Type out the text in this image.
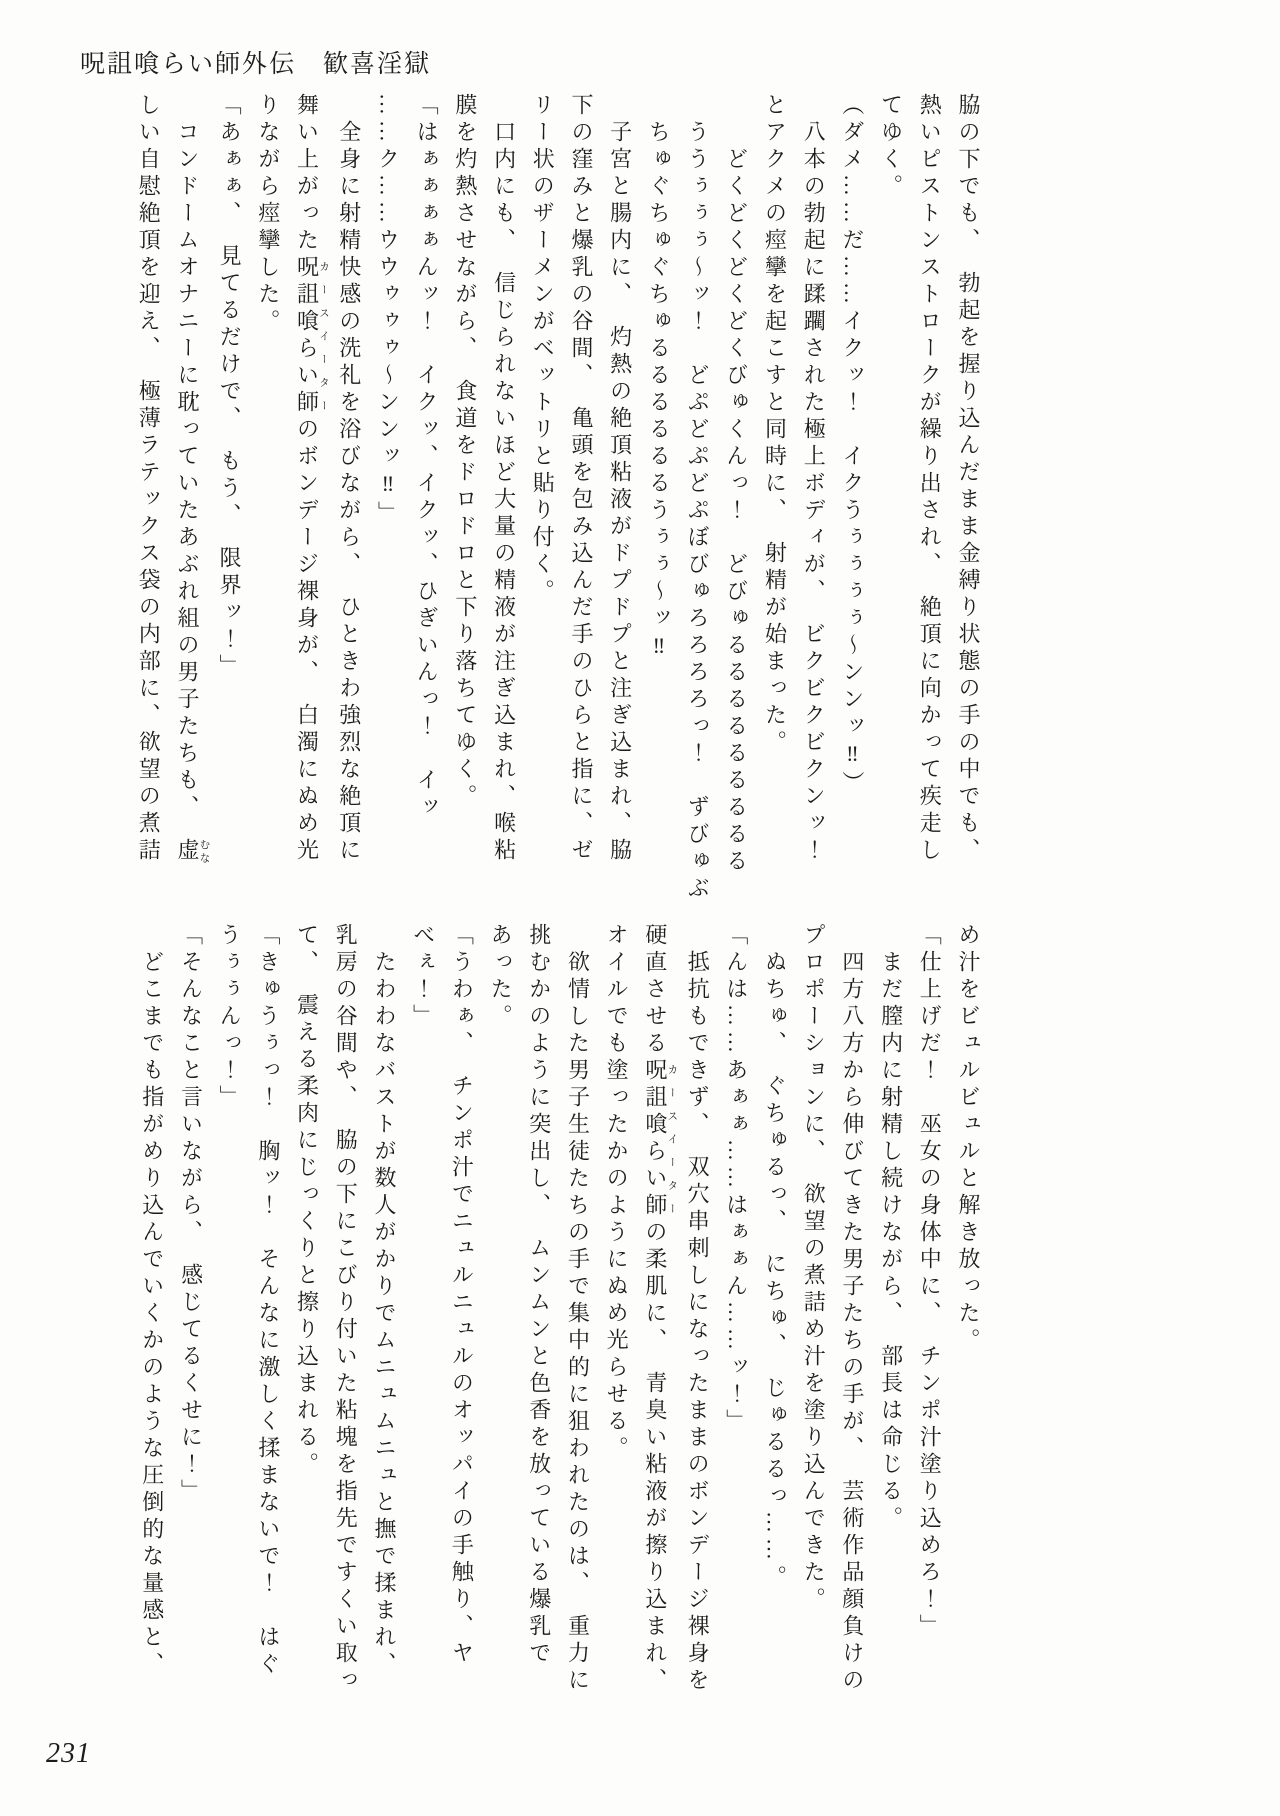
呪詛喰らい師外伝　歓喜淫獄

脇の下でも、　勃起を握り込んだまま金縛り状態の手の中でも、

熱いピストンストロークが繰り出され、　絶頂に向かって疾走し

てゆく。

（ダメ……だ……イクッ！　イクうぅぅぅぅ～ンンッ‼）

　八本の勃起に蹂躙された極上ボディが、　ビクビクビクンッ！

とアクメの痙攣を起こすと同時に、　射精が始まった。

　　どくどくどくどくびゅくんっ！　どびゅるるるるるるるるる

　ううぅぅぅ～ッ！　どぷどぷどぷぼびゅろろろろっ！　ずびゅぶ

　ちゅぐちゅぐちゅるるるるるるうぅぅ～ッ‼

　子宮と腸内に、　灼熱の絶頂粘液がドプドプと注ぎ込まれ、脇

下の窪みと爆乳の谷間、　亀頭を包み込んだ手のひらと指に、ゼ

リー状のザーメンがベットリと貼り付く。

　口内にも、　信じられないほど大量の精液が注ぎ込まれ、喉粘

膜を灼熱させながら、　食道をドロドロと下り落ちてゆく。

「はぁぁぁぁんッ！　イクッ、イクッ、ひぎいんっ！　イッ

……ク……ウウゥゥゥ～ンンッ‼」

　全身に射精快感の洗礼を浴びながら、　ひときわ強烈な絶頂に

舞い上がった呪詛喰らい師カースイーターのボンデージ裸身が、　白濁にぬめ光

りながら痙攣した。

「あぁぁ、　見てるだけで、　もう、　限界ッ！」

　コンドームオナニーに耽っていたあぶれ組の男子たちも、　虚むな

しい自慰絶頂を迎え、　極薄ラテックス袋の内部に、欲望の煮詰

め汁をビュルビュルと解き放った。

「仕上げだ！　巫女の身体中に、　チンポ汁塗り込めろ！」

　まだ膣内に射精し続けながら、　部長は命じる。

　四方八方から伸びてきた男子たちの手が、　芸術作品顔負けの

プロポーションに、　欲望の煮詰め汁を塗り込んできた。

　ぬちゅ、　ぐちゅるっ、　にちゅ、　じゅるるっ……。

「んは……あぁぁ……はぁぁん……ッ！」

　抵抗もできず、　双穴串刺しになったままのボンデージ裸身を

硬直させる呪詛喰らい師カースイーターの柔肌に、　青臭い粘液が擦り込まれ、

オイルでも塗ったかのようにぬめ光らせる。

　欲情した男子生徒たちの手で集中的に狙われたのは、　重力に

挑むかのように突出し、　ムンムンと色香を放っている爆乳で

あった。

「うわぁ、　チンポ汁でニュルニュルのオッパイの手触り、ヤ

べぇ！」

　たわわなバストが数人がかりでムニュムニュと撫で揉まれ、

乳房の谷間や、　脇の下にこびり付いた粘塊を指先ですくい取っ

て、　震える柔肉にじっくりと擦り込まれる。

「きゅうぅっ！　胸ッ！　そんなに激しく揉まないで！　はぐ

うぅぅんっ！」

「そんなこと言いながら、　感じてるくせに！」

　どこまでも指がめり込んでいくかのような圧倒的な量感と、

231
